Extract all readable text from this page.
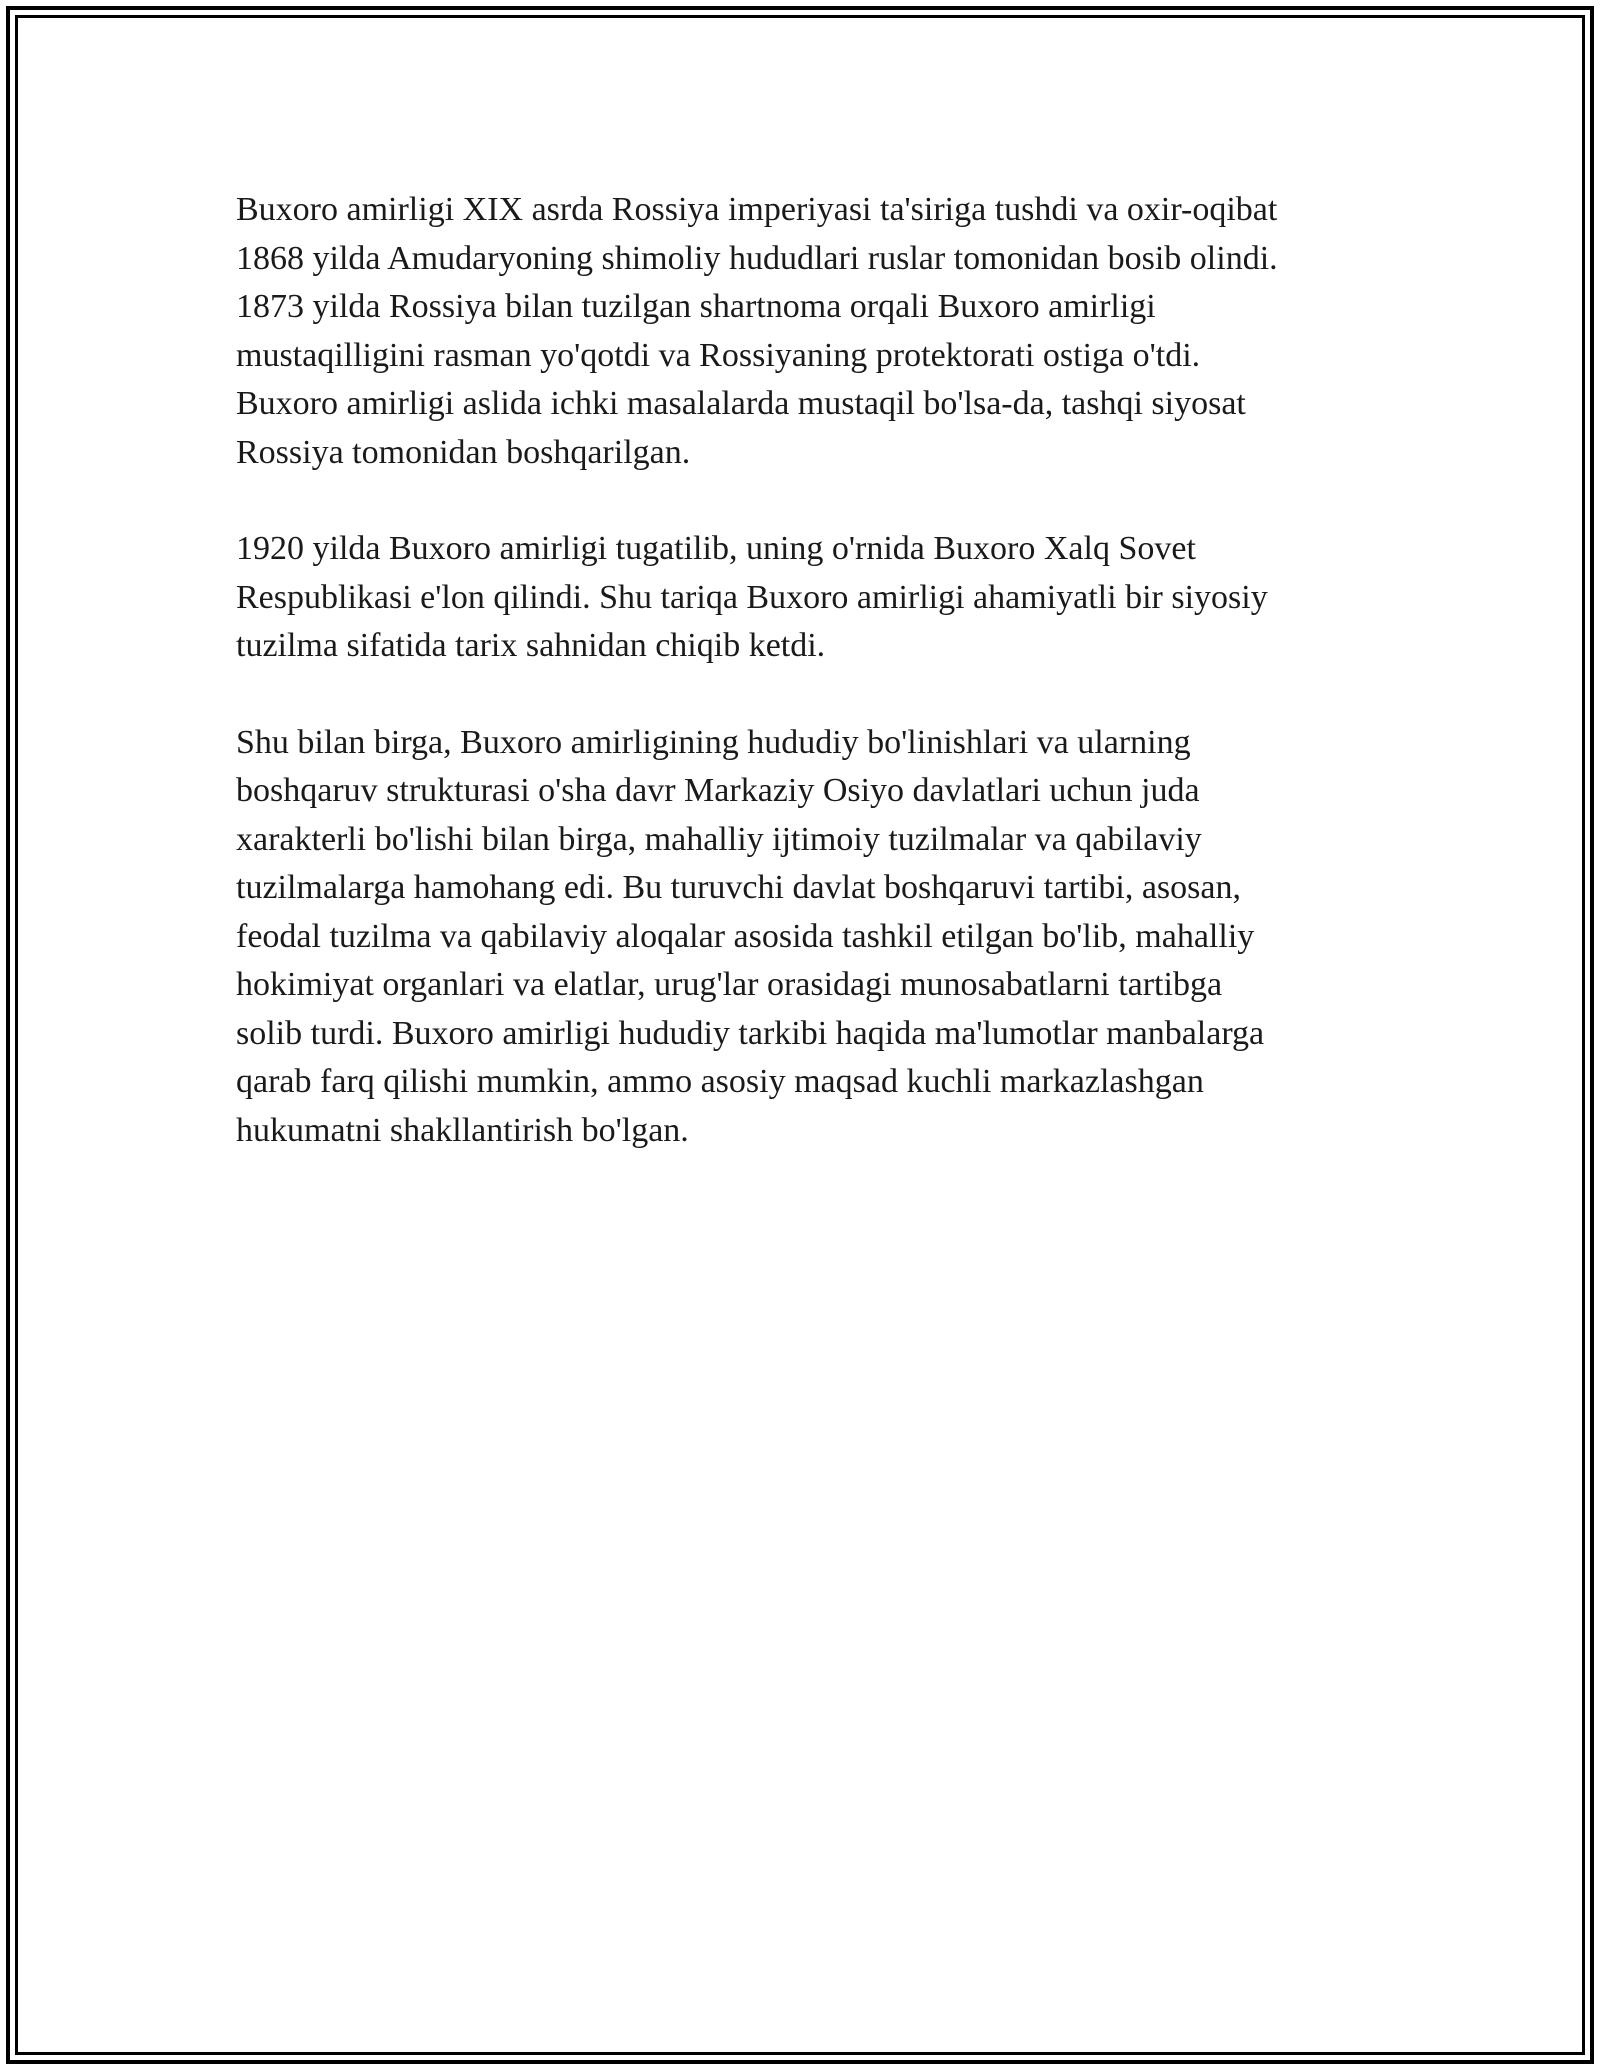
Buxoro amirligi XIX asrda Rossiya imperiyasi ta'siriga tushdi va oxir-oqibat
1868 yilda Amudaryoning shimoliy hududlari ruslar tomonidan bosib olindi.
1873 yilda Rossiya bilan tuzilgan shartnoma orqali Buxoro amirligi
mustaqilligini rasman yo'qotdi va Rossiyaning protektorati ostiga o'tdi.
Buxoro amirligi aslida ichki masalalarda mustaqil bo'lsa-da, tashqi siyosat
Rossiya tomonidan boshqarilgan.

1920 yilda Buxoro amirligi tugatilib, uning o'rnida Buxoro Xalq Sovet
Respublikasi e'lon qilindi. Shu tariqa Buxoro amirligi ahamiyatli bir siyosiy
tuzilma sifatida tarix sahnidan chiqib ketdi.

Shu bilan birga, Buxoro amirligining hududiy bo'linishlari va ularning
boshqaruv strukturasi o'sha davr Markaziy Osiyo davlatlari uchun juda
xarakterli bo'lishi bilan birga, mahalliy ijtimoiy tuzilmalar va qabilaviy
tuzilmalarga hamohang edi. Bu turuvchi davlat boshqaruvi tartibi, asosan,
feodal tuzilma va qabilaviy aloqalar asosida tashkil etilgan bo'lib, mahalliy
hokimiyat organlari va elatlar, urug'lar orasidagi munosabatlarni tartibga
solib turdi. Buxoro amirligi hududiy tarkibi haqida ma'lumotlar manbalarga
qarab farq qilishi mumkin, ammo asosiy maqsad kuchli markazlashgan
hukumatni shakllantirish bo'lgan.
